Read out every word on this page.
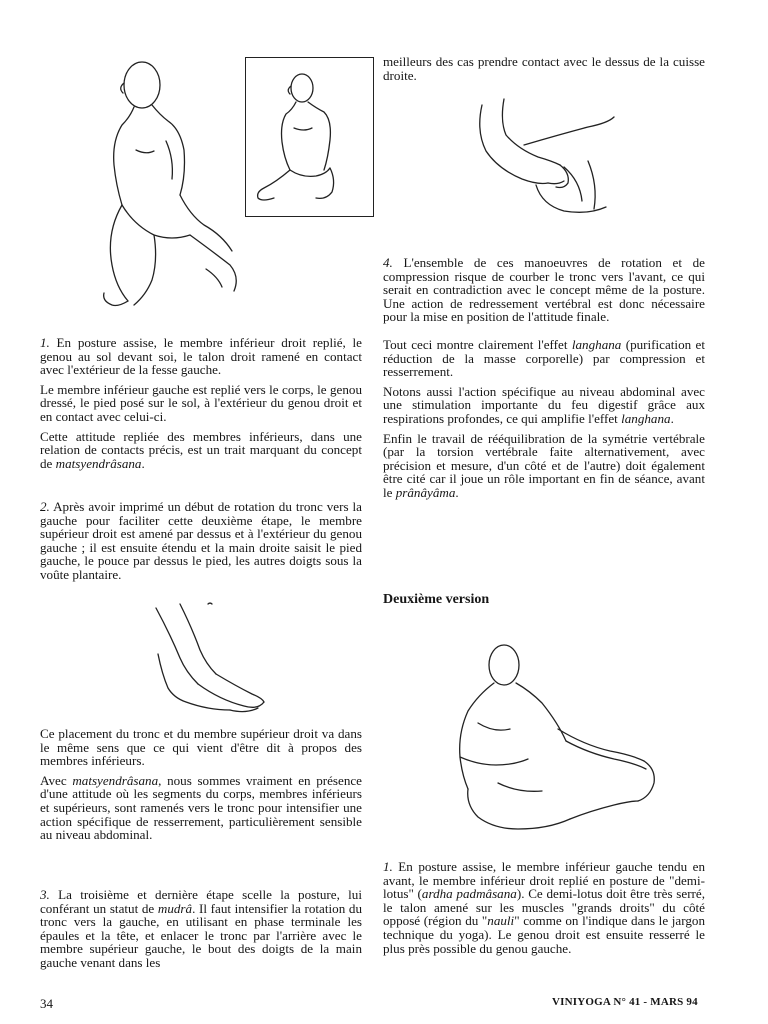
1. En posture assise, le membre inférieur droit replié, le genou au sol devant soi, le talon droit ramené en contact avec l'extérieur de la fesse gauche.

Le membre inférieur gauche est replié vers le corps, le genou dressé, le pied posé sur le sol, à l'extérieur du genou droit et en contact avec celui-ci.

Cette attitude repliée des membres inférieurs, dans une relation de contacts précis, est un trait marquant du concept de matsyendrâsana.

2. Après avoir imprimé un début de rotation du tronc vers la gauche pour faciliter cette deuxième étape, le membre supérieur droit est amené par dessus et à l'extérieur du genou gauche ; il est ensuite étendu et la main droite saisit le pied gauche, le pouce par dessus le pied, les autres doigts sous la voûte plantaire.

Ce placement du tronc et du membre supérieur droit va dans le même sens que ce qui vient d'être dit à propos des membres inférieurs.

Avec matsyendrâsana, nous sommes vraiment en présence d'une attitude où les segments du corps, membres inférieurs et supérieurs, sont ramenés vers le tronc pour intensifier une action spécifique de resserrement, particulièrement sensible au niveau abdominal.

3. La troisième et dernière étape scelle la posture, lui conférant un statut de mudrâ. Il faut intensifier la rotation du tronc vers la gauche, en utilisant en phase terminale les épaules et la tête, et enlacer le tronc par l'arrière avec le membre supérieur gauche, le bout des doigts de la main gauche venant dans les

meilleurs des cas prendre contact avec le dessus de la cuisse droite.

4. L'ensemble de ces manoeuvres de rotation et de compression risque de courber le tronc vers l'avant, ce qui serait en contradiction avec le concept même de la posture. Une action de redressement vertébral est donc nécessaire pour la mise en position de l'attitude finale.

Tout ceci montre clairement l'effet langhana (purification et réduction de la masse corporelle) par compression et resserrement.

Notons aussi l'action spécifique au niveau abdominal avec une stimulation importante du feu digestif grâce aux respirations profondes, ce qui amplifie l'effet langhana.

Enfin le travail de rééquilibration de la symétrie vertébrale (par la torsion vertébrale faite alternativement, avec précision et mesure, d'un côté et de l'autre) doit également être cité car il joue un rôle important en fin de séance, avant le prânâyâma.

Deuxième version

1. En posture assise, le membre inférieur gauche tendu en avant, le membre inférieur droit replié en posture de "demi-lotus" (ardha padmâsana). Ce demi-lotus doit être très serré, le talon amené sur les muscles "grands droits" du côté opposé (région du "nauli" comme on l'indique dans le jargon technique du yoga). Le genou droit est ensuite resserré le plus près possible du genou gauche.

34	VINIYOGA N° 41 - MARS 94
